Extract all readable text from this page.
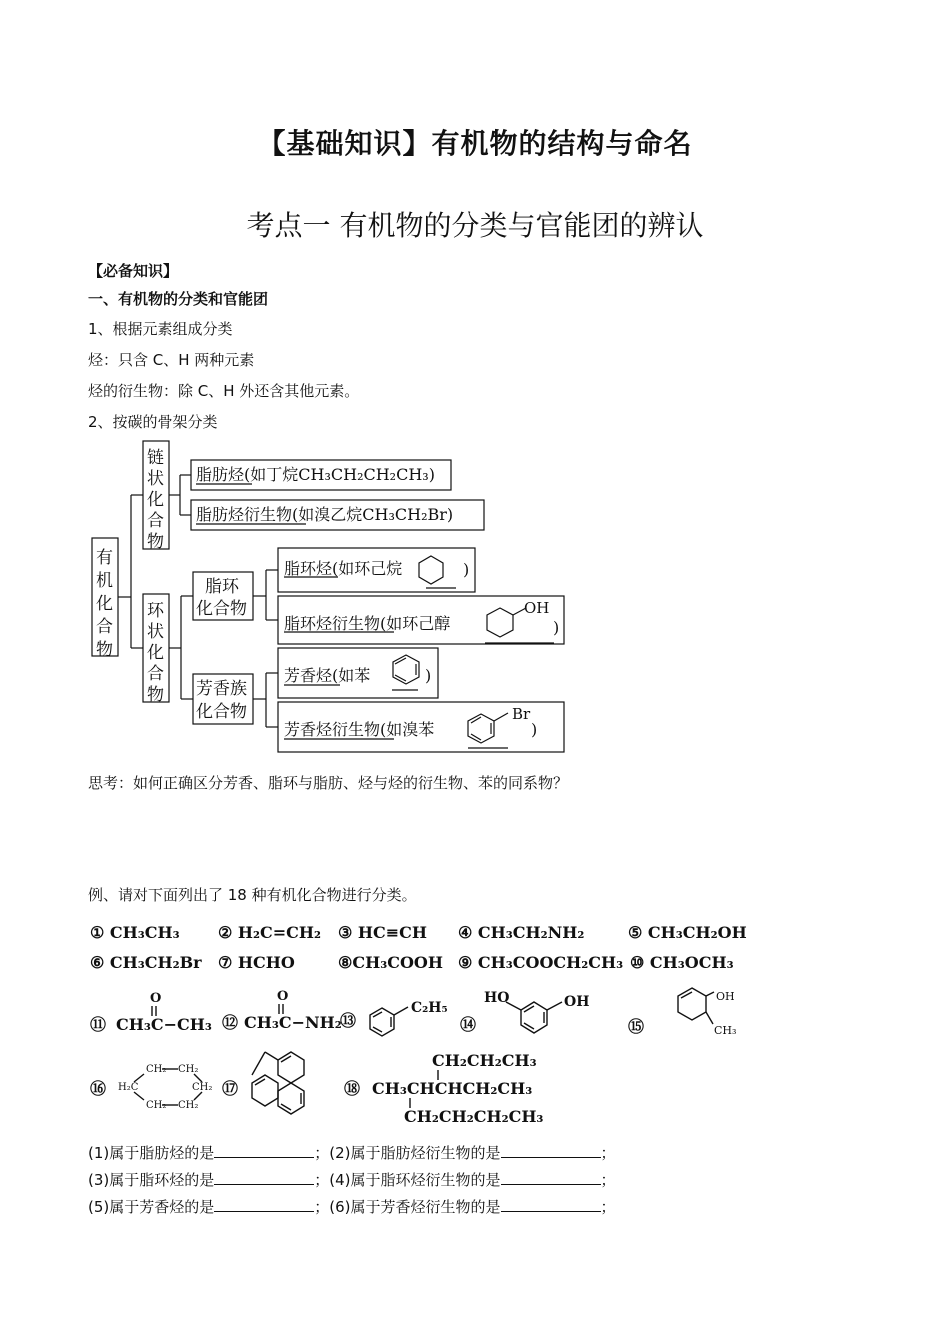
【基础知识】有机物的结构与命名
考点一 有机物的分类与官能团的辨认
【必备知识】
一、有机物的分类和官能团
1、根据元素组成分类
烃：只含 C、H 两种元素
烃的衍生物：除 C、H 外还含其他元素。
2、按碳的骨架分类
有机化合物
链状化合物
环状化合物
脂环
化合物
芳香族
化合物
脂肪烃(如丁烷CH₃CH₂CH₂CH₃)
脂肪烃衍生物(如溴乙烷CH₃CH₂Br)
脂环烃(如环己烷	)
脂环烃衍生物(如环己醇
OH
)
芳香烃(如苯	)
芳香烃衍生物(如溴苯
Br
)
思考：如何正确区分芳香、脂环与脂肪、烃与烃的衍生物、苯的同系物？
例、请对下面列出了 18 种有机化合物进行分类。
① CH₃CH₃ ② H₂C=CH₂ ③ HC≡CH ④ CH₃CH₂NH₂	⑤ CH₃CH₂OH
⑥ CH₃CH₂Br ⑦ HCHO	⑧CH₃COOH ⑨ CH₃COOCH₂CH₃ ⑩ CH₃OCH₃
⑪ CH₃C−CH₃
O
⑫ CH₃C−NH₂
O
⑬
C₂H₅
⑭
HO	OH
⑮
OH
CH₃
⑯
CH₂ CH₂
H₂C	CH₂
CH₂ CH₂
⑰	⑱
CH₂CH₂CH₃
CH₃CHCHCH₂CH₃
CH₂CH₂CH₂CH₃
(1)属于脂肪烃的是	；(2)属于脂肪烃衍生物的是	；
(3)属于脂环烃的是	；(4)属于脂环烃衍生物的是	；
(5)属于芳香烃的是	；(6)属于芳香烃衍生物的是	；
